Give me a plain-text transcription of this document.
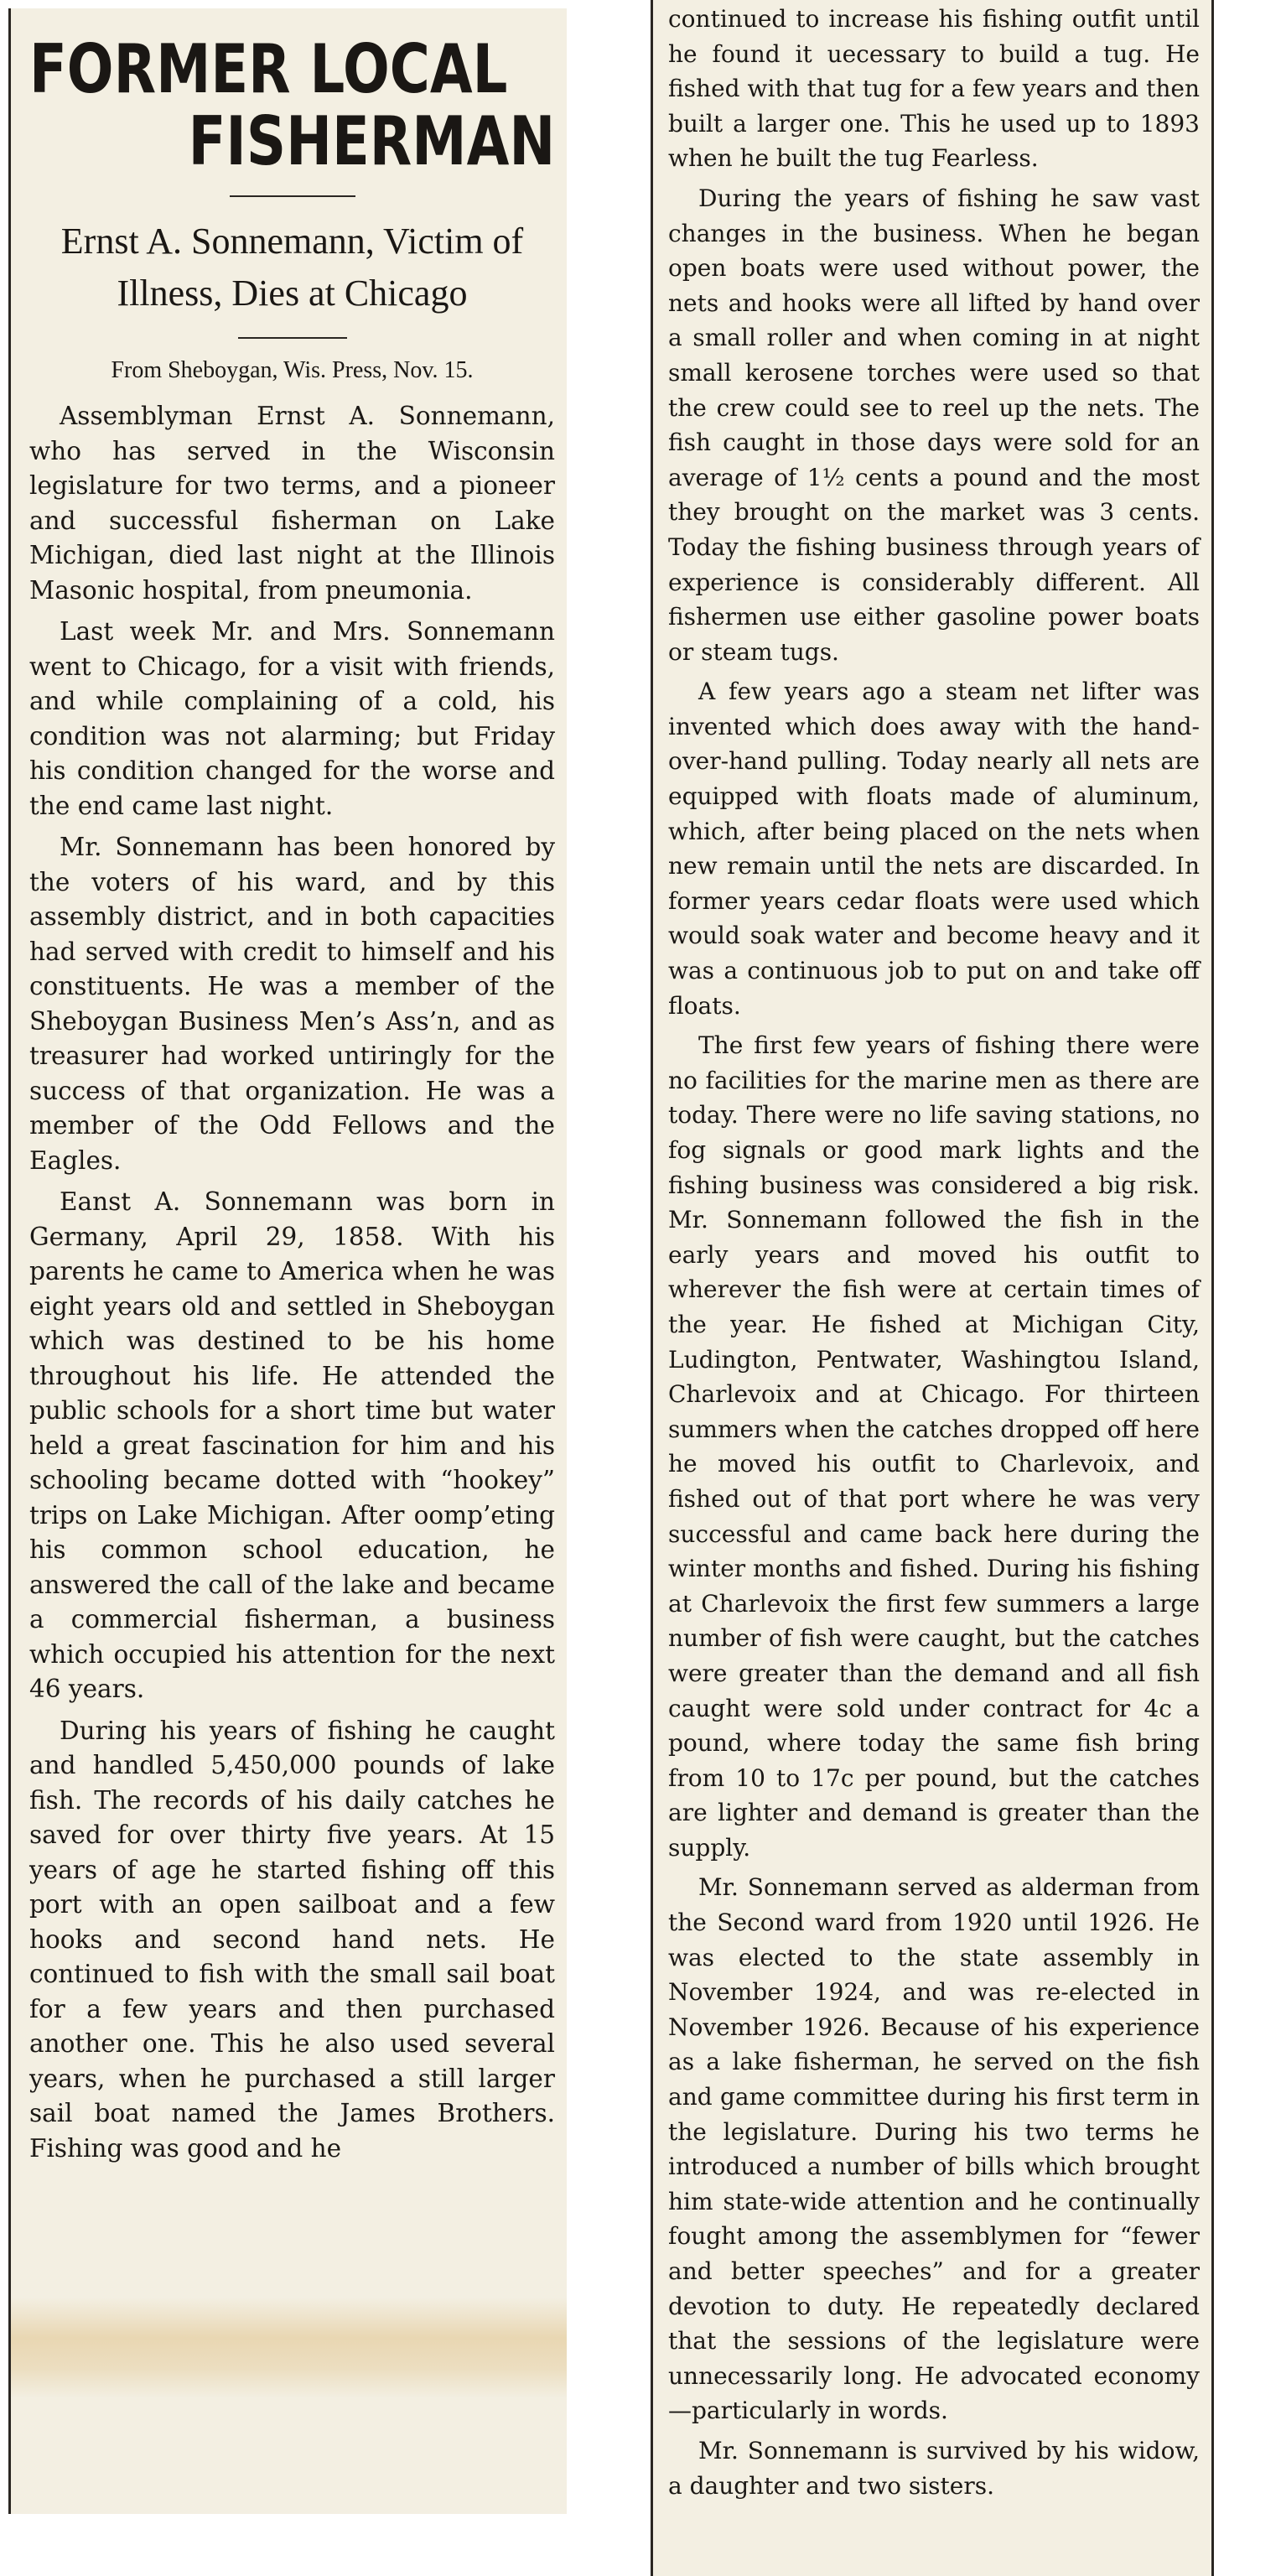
FORMER LOCAL
FISHERMAN
Ernst A. Sonnemann, Victim of Illness, Dies at Chicago
From Sheboygan, Wis. Press, Nov. 15.

Assemblyman Ernst A. Sonnemann, who has served in the Wisconsin legislature for two terms, and a pioneer and successful fisherman on Lake Michigan, died last night at the Illinois Masonic hospital, from pneumonia.

Last week Mr. and Mrs. Sonnemann went to Chicago, for a visit with friends, and while complaining of a cold, his condition was not alarming; but Friday his condition changed for the worse and the end came last night.

Mr. Sonnemann has been honored by the voters of his ward, and by this assembly district, and in both capacities had served with credit to himself and his constituents. He was a member of the Sheboygan Business Men’s Ass’n, and as treasurer had worked untiringly for the success of that organization. He was a member of the Odd Fellows and the Eagles.

Eanst A. Sonnemann was born in Germany, April 29, 1858. With his parents he came to America when he was eight years old and settled in Sheboygan which was destined to be his home throughout his life. He attended the public schools for a short time but water held a great fascination for him and his schooling became dotted with “hookey” trips on Lake Michigan. After oomp’eting his common school education, he answered the call of the lake and became a commercial fisherman, a business which occupied his attention for the next 46 years.

During his years of fishing he caught and handled 5,450,000 pounds of lake fish. The records of his daily catches he saved for over thirty five years. At 15 years of age he started fishing off this port with an open sailboat and a few hooks and second hand nets. He continued to fish with the small sail boat for a few years and then purchased another one. This he also used several years, when he purchased a still larger sail boat named the James Brothers. Fishing was good and he

continued to increase his fishing outfit until he found it uecessary to build a tug. He fished with that tug for a few years and then built a larger one. This he used up to 1893 when he built the tug Fearless.

During the years of fishing he saw vast changes in the business. When he began open boats were used without power, the nets and hooks were all lifted by hand over a small roller and when coming in at night small kerosene torches were used so that the crew could see to reel up the nets. The fish caught in those days were sold for an average of 1½ cents a pound and the most they brought on the market was 3 cents. Today the fishing business through years of experience is considerably different. All fishermen use either gasoline power boats or steam tugs.

A few years ago a steam net lifter was invented which does away with the hand-over-hand pulling. Today nearly all nets are equipped with floats made of aluminum, which, after being placed on the nets when new remain until the nets are discarded. In former years cedar floats were used which would soak water and become heavy and it was a continuous job to put on and take off floats.

The first few years of fishing there were no facilities for the marine men as there are today. There were no life saving stations, no fog signals or good mark lights and the fishing business was considered a big risk. Mr. Sonnemann followed the fish in the early years and moved his outfit to wherever the fish were at certain times of the year. He fished at Michigan City, Ludington, Pentwater, Washingtou Island, Charlevoix and at Chicago. For thirteen summers when the catches dropped off here he moved his outfit to Charlevoix, and fished out of that port where he was very successful and came back here during the winter months and fished. During his fishing at Charlevoix the first few summers a large number of fish were caught, but the catches were greater than the demand and all fish caught were sold under contract for 4c a pound, where today the same fish bring from 10 to 17c per pound, but the catches are lighter and demand is greater than the supply.

Mr. Sonnemann served as alderman from the Second ward from 1920 until 1926. He was elected to the state assembly in November 1924, and was re-elected in November 1926. Because of his experience as a lake fisherman, he served on the fish and game committee during his first term in the legislature. During his two terms he introduced a number of bills which brought him state-wide attention and he continually fought among the assemblymen for “fewer and better speeches” and for a greater devotion to duty. He repeatedly declared that the sessions of the legislature were unnecessarily long. He advocated economy—particularly in words.

Mr. Sonnemann is survived by his widow, a daughter and two sisters.
